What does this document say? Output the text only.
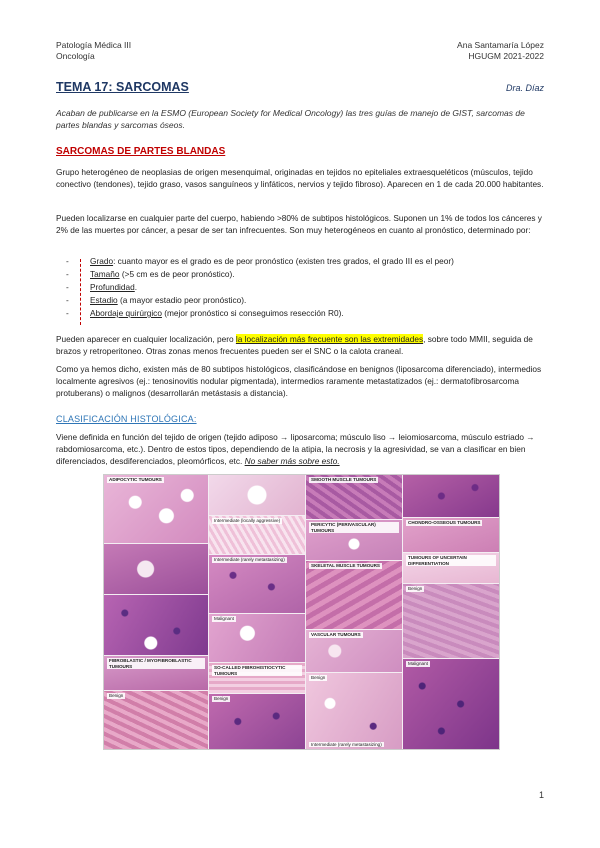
Patología Médica III
Oncología
Ana Santamaría López
HGUGM 2021-2022
TEMA 17: SARCOMAS	Dra. Díaz
Acaban de publicarse en la ESMO (European Society for Medical Oncology) las tres guías de manejo de GIST, sarcomas de partes blandas y sarcomas óseos.
SARCOMAS DE PARTES BLANDAS
Grupo heterogéneo de neoplasias de origen mesenquimal, originadas en tejidos no epiteliales extraesqueléticos (músculos, tejido conectivo (tendones), tejido graso, vasos sanguíneos y linfáticos, nervios y tejido fibroso). Aparecen en 1 de cada 20.000 habitantes.
Pueden localizarse en cualquier parte del cuerpo, habiendo >80% de subtipos histológicos. Suponen un 1% de todos los cánceres y 2% de las muertes por cáncer, a pesar de ser tan infrecuentes. Son muy heterogéneos en cuanto al pronóstico, determinado por:
-	Grado: cuanto mayor es el grado es de peor pronóstico (existen tres grados, el grado III es el peor)
-	Tamaño (>5 cm es de peor pronóstico).
-	Profundidad.
-	Estadio (a mayor estadio peor pronóstico).
-	Abordaje quirúrgico (mejor pronóstico si conseguimos resección R0).
Pueden aparecer en cualquier localización, pero la localización más frecuente son las extremidades, sobre todo MMII, seguida de brazos y retroperitoneo. Otras zonas menos frecuentes pueden ser el SNC o la calota craneal.
Como ya hemos dicho, existen más de 80 subtipos histológicos, clasificándose en benignos (liposarcoma diferenciado), intermedios localmente agresivos (ej.: tenosinovitis nodular pigmentada), intermedios raramente metastatizados (ej.: dermatofibrosarcoma protuberans) o malignos (desarrollarán metástasis a distancia).
CLASIFICACIÓN HISTOLÓGICA:
Viene definida en función del tejido de origen (tejido adiposo → liposarcoma; músculo liso → leiomiosarcoma, músculo estriado → rabdomiosarcoma, etc.). Dentro de estos tipos, dependiendo de la atipia, la necrosis y la agresividad, se van a clasificar en bien diferenciados, desdiferenciados, pleomórficos, etc. No saber más sobre esto.
ADIPOCYTIC TUMOURS
FIBROBLASTIC / MYOFIBROBLASTIC TUMOURS
Benign
Intermediate (locally aggressive)
Intermediate (rarely metastasizing)
Malignant
SO-CALLED FIBROHISTIOCYTIC TUMOURS
Benign
SMOOTH MUSCLE TUMOURS
PERICYTIC (PERIVASCULAR) TUMOURS
SKELETAL MUSCLE TUMOURS
VASCULAR TUMOURS
Benign
Intermediate (rarely metastasizing)
CHONDRO-OSSEOUS TUMOURS
TUMOURS OF UNCERTAIN DIFFERENTIATION
Benign
Malignant
1
